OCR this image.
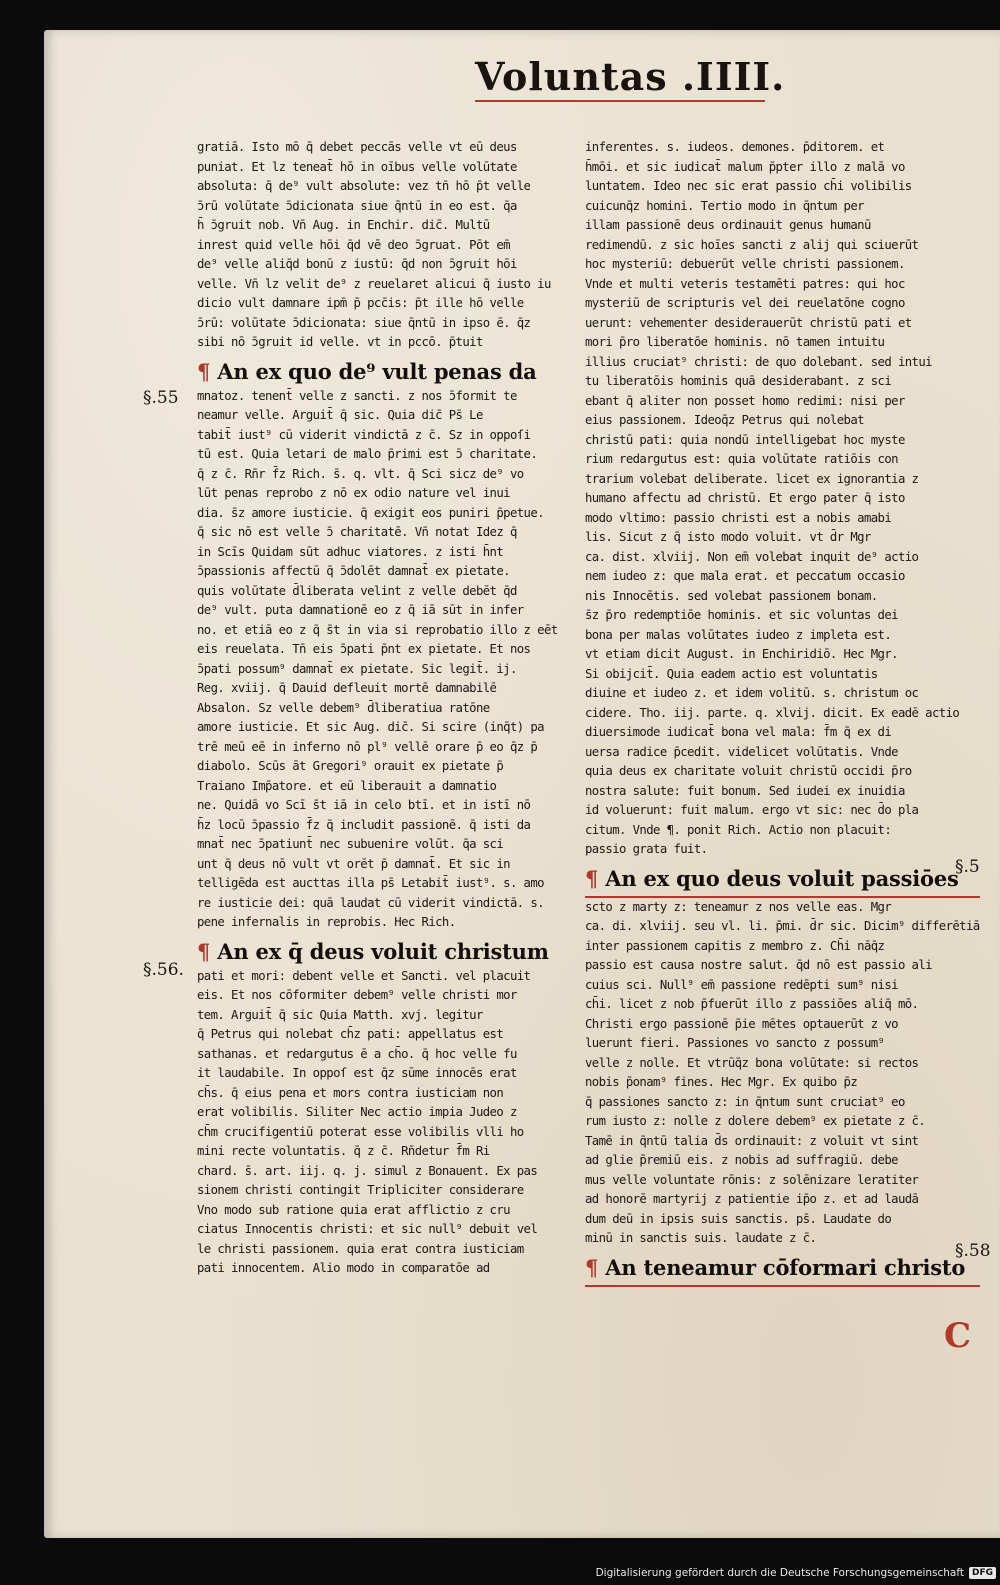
Voluntas .IIII.
§.55
§.56.
§.5
§.58
gratiā. Isto mō q̄ debet peccās velle vt eū deus
puniat. Et lz teneat̄ hō in oībus velle volūtate
absoluta: q̄ de⁹ vult absolute: vez tn̄ hō p̄t velle
ɔ̄rū volūtate ɔ̄dicionata siue q̄ntū in eo est. q̄a
h̄ ɔ̄gruit nob. Vn̄ Aug. in Enchir. dic̄. Multū
inrest quid velle hōi q̄d vē deo ɔ̄gruat. Pōt em̄
de⁹ velle aliq̄d bonū z iustū: q̄d non ɔ̄gruit hōi
velle. Vn̄ lz velit de⁹ z reuelaret alicui q̄ iusto iu
dicio vult damnare ipm̄ p̄ pcc̄is: p̄t ille hō velle
ɔ̄rū: volūtate ɔ̄dicionata: siue q̄ntū in ipso ē. q̄z
sibi nō ɔ̄gruit id velle. vt in pccō. p̄tuit
¶ An ex quo de⁹ vult penas da
mnatoz. tenent̄ velle z sancti. z nos ɔ̄formit te
neamur velle. Arguit̄ q̄ sic. Quia dic̄ Ps̄ Le
tabit̄ iust⁹ cū viderit vindictā z c̄. Sz in oppoſi
tū est. Quia letari de malo p̄rimi est ɔ̄ charitate.
q̄ z c̄. Rn̄r f̄z Rich. s̄. q. vlt. q̄ Sci sicz de⁹ vo
lūt penas reprobo z nō ex odio nature vel inui
dia. s̄z amore iusticie. q̄ exigit eos puniri p̄petue.
q̄ sic nō est velle ɔ̄ charitatē. Vn̄ notat Idez q̄
in Scīs Quidam sūt adhuc viatores. z isti h̄nt
ɔ̄passionis affectū q̄ ɔ̄dolēt damnat̄ ex pietate.
quis volūtate d̄liberata velint z velle debēt q̄d
de⁹ vult. puta damnationē eo z q̄ iā sūt in infer
no. et etiā eo z q̄ s̄t in via si reprobatio illo z eēt
eis reuelata. Tn̄ eis ɔ̄pati p̄nt ex pietate. Et nos
ɔ̄pati possum⁹ damnat̄ ex pietate. Sic legit̄. ij.
Reg. xviij. q̄ Dauid defleuit mortē damnabilē
Absalon. Sz velle debem⁹ d̄liberatiua ratōne
amore iusticie. Et sic Aug. dic̄. Si scire (inq̄t) pa
trē meū eē in inferno nō pl⁹ vellē orare p̄ eo q̄z p̄
diabolo. Scūs āt Gregori⁹ orauit ex pietate p̄
Traiano Imp̄atore. et eū liberauit a damnatio
ne. Quidā vo Scī s̄t iā in celo btī. et in istī nō
h̄z locū ɔ̄passio f̄z q̄ includit passionē. q̄ isti da
mnat̄ nec ɔ̄patiunt̄ nec subuenire volūt. q̄a sci
unt q̄ deus nō vult vt orēt p̄ damnat̄. Et sic in
telligēda est aucttas illa ps̄ Letabit̄ iust⁹. s. amo
re iusticie dei: quā laudat cū viderit vindictā. s.
pene infernalis in reprobis. Hec Rich.
¶ An ex q̄ deus voluit christum
pati et mori: debent velle et Sancti. vel placuit
eis. Et nos cōformiter debem⁹ velle christi mor
tem. Arguit̄ q̄ sic Quia Matth. xvj. legitur
q̄ Petrus qui nolebat ch̄z pati: appellatus est
sathanas. et redargutus ē a ch̄o. q̄ hoc velle fu
it laudabile. In oppoſ est q̄z sūme innocēs erat
ch̄s. q̄ eius pena et mors contra iusticiam non
erat volibilis. Siliter Nec actio impia Judeo z
ch̄m crucifigentiū poterat esse volibilis vlli ho
mini recte voluntatis. q̄ z c̄. Rn̄detur f̄m Ri
chard. s̄. art. iij. q. j. simul z Bonauent. Ex pas
sionem christi contingit Tripliciter considerare
Vno modo sub ratione quia erat afflictio z cru
ciatus Innocentis christi: et sic null⁹ debuit vel
le christi passionem. quia erat contra iusticiam
pati innocentem. Alio modo in comparatōe ad
inferentes. s. iudeos. demones. p̄ditorem. et
h̄mōi. et sic iudicat̄ malum p̄pter illo z malā vo
luntatem. Ideo nec sic erat passio ch̄i volibilis
cuicunq̄z homini. Tertio modo in q̄ntum per
illam passionē deus ordinauit genus humanū
redimendū. z sic hoīes sancti z alij qui sciuerūt
hoc mysteriū: debuerūt velle christi passionem.
Vnde et multi veteris testamēti patres: qui hoc
mysteriū de scripturis vel dei reuelatōne cogno
uerunt: vehementer desiderauerūt christū pati et
mori p̄ro liberatōe hominis. nō tamen intuitu
illius cruciat⁹ christi: de quo dolebant. sed intui
tu liberatōis hominis quā desiderabant. z sci
ebant q̄ aliter non posset homo redimi: nisi per
eius passionem. Ideoq̄z Petrus qui nolebat
christū pati: quia nondū intelligebat hoc myste
rium redargutus est: quia volūtate ratiōis con
trarium volebat deliberate. licet ex ignorantia z
humano affectu ad christū. Et ergo pater q̄ isto
modo vltimo: passio christi est a nobis amabi
lis. Sicut z q̄ isto modo voluit. vt d̄r Mgr
ca. dist. xlviij. Non em̄ volebat inquit de⁹ actio
nem iudeo z: que mala erat. et peccatum occasio
nis Innocētis. sed volebat passionem bonam.
s̄z p̄ro redemptiōe hominis. et sic voluntas dei
bona per malas volūtates iudeo z impleta est.
vt etiam dicit August. in Enchiridiō. Hec Mgr.
Si obijcit̄. Quia eadem actio est voluntatis
diuine et iudeo z. et idem volitū. s. christum oc
cidere. Tho. iij. parte. q. xlvij. dicit. Ex eadē actio
diuersimode iudicat̄ bona vel mala: f̄m q̄ ex di
uersa radice p̄cedit. videlicet volūtatis. Vnde
quia deus ex charitate voluit christū occidi p̄ro
nostra salute: fuit bonum. Sed iudei ex inuidia
id voluerunt: fuit malum. ergo vt sic: nec d̄o pla
citum. Vnde ¶. ponit Rich. Actio non placuit:
passio grata fuit.
¶ An ex quo deus voluit passiōes
scto z marty z: teneamur z nos velle eas. Mgr
ca. di. xlviij. seu vl. li. p̄mi. d̄r sic. Dicim⁹ differētiā
inter passionem capitis z membro z. Ch̄i nāq̄z
passio est causa nostre salut. q̄d nō est passio ali
cuius sci. Null⁹ em̄ passione redēpti sum⁹ nisi
ch̄i. licet z nob p̄fuerūt illo z passiōes aliq̄ mō.
Christi ergo passionē p̄ie mētes optauerūt z vo
luerunt fieri. Passiones vo sancto z possum⁹
velle z nolle. Et vtrūq̄z bona volūtate: si rectos
nobis p̄onam⁹ fines. Hec Mgr. Ex quibo p̄z
q̄ passiones sancto z: in q̄ntum sunt cruciat⁹ eo
rum iusto z: nolle z dolere debem⁹ ex pietate z c̄.
Tamē in q̄ntū talia d̄s ordinauit: z voluit vt sint
ad glie p̄remiū eis. z nobis ad suffragiū. debe
mus velle voluntate rōnis: z solēnizare leratiter
ad honorē martyrij z patientie ip̄o z. et ad laudā
dum deū in ipsis suis sanctis. ps̄. Laudate do
minū in sanctis suis. laudate z c̄.
¶ An teneamur cōformari christo
C
Digitalisierung gefördert durch die Deutsche Forschungsgemeinschaft DFG
